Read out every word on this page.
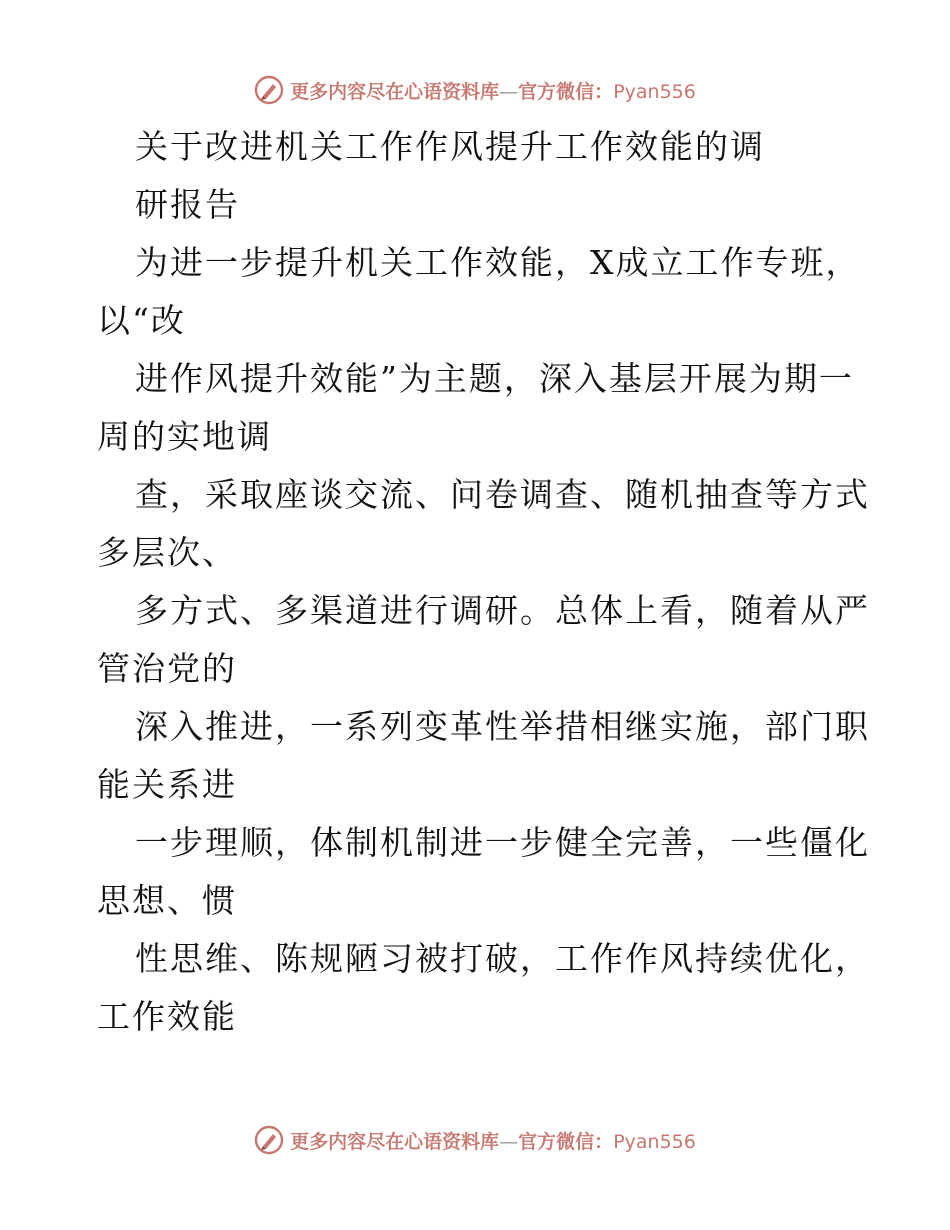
更多内容尽在心语资料库—官方微信：Pyan556
关于改进机关工作作风提升工作效能的调
研报告
为进一步提升机关工作效能，X成立工作专班，
以“改
进作风提升效能”为主题，深入基层开展为期一
周的实地调
查，采取座谈交流、问卷调查、随机抽查等方式
多层次、
多方式、多渠道进行调研。总体上看，随着从严
管治党的
深入推进，一系列变革性举措相继实施，部门职
能关系进
一步理顺，体制机制进一步健全完善，一些僵化
思想、惯
性思维、陈规陋习被打破，工作作风持续优化，
工作效能
更多内容尽在心语资料库—官方微信：Pyan556
